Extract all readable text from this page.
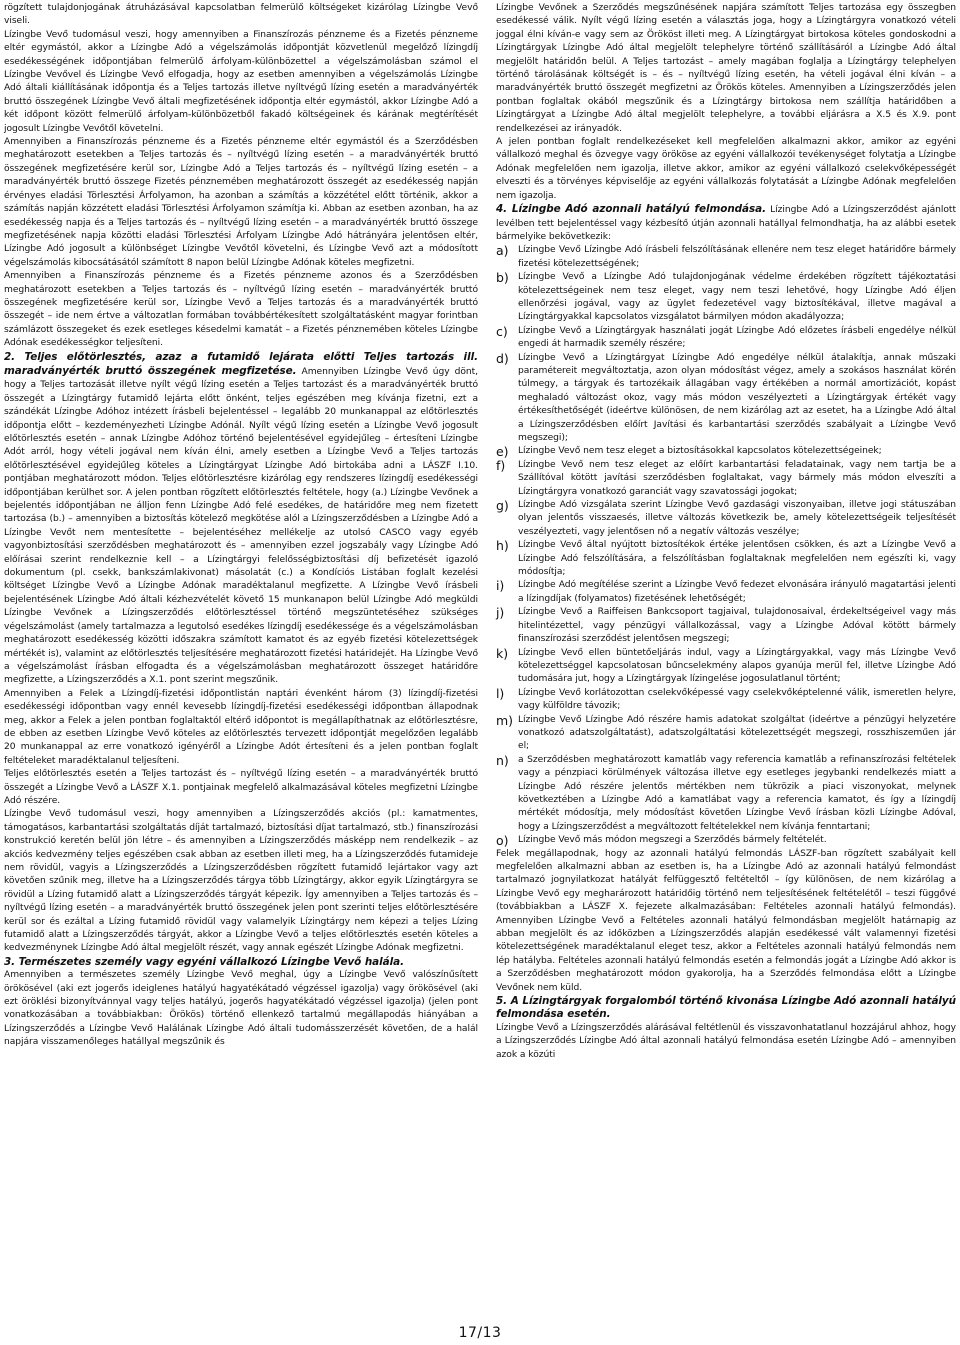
rögzített tulajdonjogának átruházásával kapcsolatban felmerülő költségeket kizárólag Lízingbe Vevő viseli.

Lízingbe Vevő tudomásul veszi, hogy amennyiben a Finanszírozás pénzneme és a Fizetés pénzneme eltér egymástól, akkor a Lízingbe Adó a végelszámolás időpontját közvetlenül megelőző lízingdíj esedékességének időpontjában felmerülő árfolyam-különbözettel a végelszámolásban számol el Lízingbe Vevővel és Lízingbe Vevő elfogadja, hogy az esetben amennyiben a végelszámolás Lízingbe Adó általi kiállításának időpontja és a Teljes tartozás illetve nyíltvégű lízing esetén a maradványérték bruttó összegének Lízingbe Vevő általi megfizetésének időpontja eltér egymástól, akkor Lízingbe Adó a két időpont között felmerülő árfolyam-különbözetből fakadó költségeinek és kárának megtérítését jogosult Lízingbe Vevőtől követelni.

Amennyiben a Finanszírozás pénzneme és a Fizetés pénzneme eltér egymástól és a Szerződésben meghatározott esetekben a Teljes tartozás és – nyíltvégű lízing esetén – a maradványérték bruttó összegének megfizetésére kerül sor, Lízingbe Adó a Teljes tartozás és – nyíltvégű lízing esetén – a maradványérték bruttó összege Fizetés pénznemében meghatározott összegét az esedékesség napján érvényes eladási Törlesztési Árfolyamon, ha azonban a számítás a közzététel előtt történik, akkor a számítás napján közzétett eladási Törlesztési Árfolyamon számítja ki. Abban az esetben azonban, ha az esedékesség napja és a Teljes tartozás és – nyíltvégű lízing esetén – a maradványérték bruttó összege megfizetésének napja közötti eladási Törlesztési Árfolyam Lízingbe Adó hátrányára jelentősen eltér, Lízingbe Adó jogosult a különbséget Lízingbe Vevőtől követelni, és Lízingbe Vevő azt a módosított végelszámolás kibocsátásától számított 8 napon belül Lízingbe Adónak köteles megfizetni.

Amennyiben a Finanszírozás pénzneme és a Fizetés pénzneme azonos és a Szerződésben meghatározott esetekben a Teljes tartozás és – nyíltvégű lízing esetén – maradványérték bruttó összegének megfizetésére kerül sor, Lízingbe Vevő a Teljes tartozás és a maradványérték bruttó összegét – ide nem értve a változatlan formában továbbértékesített szolgáltatásként magyar forintban számlázott összegeket és ezek esetleges késedelmi kamatát – a Fizetés pénznemében köteles Lízingbe Adónak esedékességkor teljesíteni.

2. Teljes előtörlesztés, azaz a futamidő lejárata előtti Teljes tartozás ill. maradványérték bruttó összegének megfizetése. Amennyiben Lízingbe Vevő úgy dönt, hogy a Teljes tartozását illetve nyílt végű lízing esetén a Teljes tartozást és a maradványérték bruttó összegét a Lízingtárgy futamidő lejárta előtt önként, teljes egészében meg kívánja fizetni, ezt a szándékát Lízingbe Adóhoz intézett írásbeli bejelentéssel – legalább 20 munkanappal az előtörlesztés időpontja előtt – kezdeményezheti Lízingbe Adónál. Nyílt végű lízing esetén a Lízingbe Vevő jogosult előtörlesztés esetén – annak Lízingbe Adóhoz történő bejelentésével egyidejűleg – értesíteni Lízingbe Adót arról, hogy vételi jogával nem kíván élni, amely esetben a Lízingbe Vevő a Teljes tartozás előtörlesztésével egyidejűleg köteles a Lízingtárgyat Lízingbe Adó birtokába adni a LÁSZF I.10. pontjában meghatározott módon. Teljes előtörlesztésre kizárólag egy rendszeres lízingdíj esedékességi időpontjában kerülhet sor. A jelen pontban rögzített előtörlesztés feltétele, hogy (a.) Lízingbe Vevőnek a bejelentés időpontjában ne álljon fenn Lízingbe Adó felé esedékes, de határidőre meg nem fizetett tartozása (b.) – amennyiben a biztosítás kötelező megkötése alól a Lízingszerződésben a Lízingbe Adó a Lízingbe Vevőt nem mentesítette – bejelentéséhez mellékelje az utolsó CASCO vagy egyéb vagyonbiztosítási szerződésben meghatározott és – amennyiben ezzel jogszabály vagy Lízingbe Adó előírásai szerint rendelkeznie kell – a Lízingtárgyi felelősségbiztosítási díj befizetését igazoló dokumentum (pl. csekk, bankszámlakivonat) másolatát (c.) a Kondíciós Listában foglalt kezelési költséget Lízingbe Vevő a Lízingbe Adónak maradéktalanul megfizette. A Lízingbe Vevő írásbeli bejelentésének Lízingbe Adó általi kézhezvételét követő 15 munkanapon belül Lízingbe Adó megküldi Lízingbe Vevőnek a Lízingszerződés előtörlesztéssel történő megszüntetéséhez szükséges végelszámolást (amely tartalmazza a legutolsó esedékes lízingdíj esedékessége és a végelszámolásban meghatározott esedékesség közötti időszakra számított kamatot és az egyéb fizetési kötelezettségek mértékét is), valamint az előtörlesztés teljesítésére meghatározott fizetési határidejét. Ha Lízingbe Vevő a végelszámolást írásban elfogadta és a végelszámolásban meghatározott összeget határidőre megfizette, a Lízingszerződés a X.1. pont szerint megszűnik.

Amennyiben a Felek a Lízingdíj-fizetési időpontlistán naptári évenként három (3) lízingdíj-fizetési esedékességi időpontban vagy ennél kevesebb lízingdíj-fizetési esedékességi időpontban állapodnak meg, akkor a Felek a jelen pontban foglaltaktól eltérő időpontot is megállapíthatnak az előtörlesztésre, de ebben az esetben Lízingbe Vevő köteles az előtörlesztés tervezett időpontját megelőzően legalább 20 munkanappal az erre vonatkozó igényéről a Lízingbe Adót értesíteni és a jelen pontban foglalt feltételeket maradéktalanul teljesíteni.

Teljes előtörlesztés esetén a Teljes tartozást és – nyíltvégű lízing esetén – a maradványérték bruttó összegét a Lízingbe Vevő a LÁSZF X.1. pontjainak megfelelő alkalmazásával köteles megfizetni Lízingbe Adó részére.

Lízingbe Vevő tudomásul veszi, hogy amennyiben a Lízingszerződés akciós (pl.: kamatmentes, támogatásos, karbantartási szolgáltatás díját tartalmazó, biztosítási díjat tartalmazó, stb.) finanszírozási konstrukció keretén belül jön létre – és amennyiben a Lízingszerződés másképp nem rendelkezik – az akciós kedvezmény teljes egészében csak abban az esetben illeti meg, ha a Lízingszerződés futamideje nem rövidül, vagyis a Lízingszerződés a Lízingszerződésben rögzített futamidő lejártakor vagy azt követően szűnik meg, illetve ha a Lízingszerződés tárgya több Lízingtárgy, akkor egyik Lízingtárgyra se rövidül a Lízing futamidő alatt a Lízingszerződés tárgyát képezik. Így amennyiben a Teljes tartozás és – nyíltvégű lízing esetén – a maradványérték bruttó összegének jelen pont szerinti teljes előtörlesztésére kerül sor és ezáltal a Lízing futamidő rövidül vagy valamelyik Lízingtárgy nem képezi a teljes Lízing futamidő alatt a Lízingszerződés tárgyát, akkor a Lízingbe Vevő a teljes előtörlesztés esetén köteles a kedvezménynek Lízingbe Adó által megjelölt részét, vagy annak egészét Lízingbe Adónak megfizetni.

3. Természetes személy vagy egyéni vállalkozó Lízingbe Vevő halála.

Amennyiben a természetes személy Lízingbe Vevő meghal, úgy a Lízingbe Vevő valószínűsített örökösével (aki ezt jogerős ideiglenes hatályú hagyatékátadó végzéssel igazolja) vagy örökösével (aki ezt öröklési bizonyítvánnyal vagy teljes hatályú, jogerős hagyatékátadó végzéssel igazolja) (jelen pont vonatkozásában a továbbiakban: Örökös) történő ellenkező tartalmú megállapodás hiányában a Lízingszerződés a Lízingbe Vevő Halálának Lízingbe Adó általi tudomásszerzését követően, de a halál napjára visszamenőleges hatállyal megszűnik és

Lízingbe Vevőnek a Szerződés megszűnésének napjára számított Teljes tartozása egy összegben esedékessé válik. Nyílt végű lízing esetén a választás joga, hogy a Lízingtárgyra vonatkozó vételi joggal élni kíván-e vagy sem az Örököst illeti meg. A Lízingtárgyat birtokosa köteles gondoskodni a Lízingtárgyak Lízingbe Adó által megjelölt telephelyre történő szállításáról a Lízingbe Adó által megjelölt határidőn belül. A Teljes tartozást – amely magában foglalja a Lízingtárgy telephelyen történő tárolásának költségét is – és – nyíltvégű lízing esetén, ha vételi jogával élni kíván – a maradványérték bruttó összegét megfizetni az Örökös köteles. Amennyiben a Lízingszerződés jelen pontban foglaltak okából megszűnik és a Lízingtárgy birtokosa nem szállítja határidőben a Lízingtárgyat a Lízingbe Adó által megjelölt telephelyre, a további eljárásra a X.5 és X.9. pont rendelkezései az irányadók.

A jelen pontban foglalt rendelkezéseket kell megfelelően alkalmazni akkor, amikor az egyéni vállalkozó meghal és özvegye vagy örököse az egyéni vállalkozói tevékenységet folytatja a Lízingbe Adónak megfelelően nem igazolja, illetve akkor, amikor az egyéni vállalkozó cselekvőképességét elveszti és a törvényes képviselője az egyéni vállalkozás folytatását a Lízingbe Adónak megfelelően nem igazolja.

4. Lízingbe Adó azonnali hatályú felmondása. Lízingbe Adó a Lízingszerződést ajánlott levélben tett bejelentéssel vagy kézbesítő útján azonnali hatállyal felmondhatja, ha az alábbi esetek bármelyike bekövetkezik:

a)	Lízingbe Vevő Lízingbe Adó írásbeli felszólításának ellenére nem tesz eleget határidőre bármely fizetési kötelezettségének;
b)	Lízingbe Vevő a Lízingbe Adó tulajdonjogának védelme érdekében rögzített tájékoztatási kötelezettségeinek nem tesz eleget, vagy nem teszi lehetővé, hogy Lízingbe Adó éljen ellenőrzési jogával, vagy az ügylet fedezetével vagy biztosítékával, illetve magával a Lízingtárgyakkal kapcsolatos vizsgálatot bármilyen módon akadályozza;
c)	Lízingbe Vevő a Lízingtárgyak használati jogát Lízingbe Adó előzetes írásbeli engedélye nélkül engedi át harmadik személy részére;
d)	Lízingbe Vevő a Lízingtárgyat Lízingbe Adó engedélye nélkül átalakítja, annak műszaki paramétereit megváltoztatja, azon olyan módosítást végez, amely a szokásos használat körén túlmegy, a tárgyak és tartozékaik állagában vagy értékében a normál amortizációt, kopást meghaladó változást okoz, vagy más módon veszélyezteti a Lízingtárgyak értékét vagy értékesíthetőségét (ideértve különösen, de nem kizárólag azt az esetet, ha a Lízingbe Adó által a Lízingszerződésben előírt Javítási és karbantartási szerződés szabályait a Lízingbe Vevő megszegi);
e)	Lízingbe Vevő nem tesz eleget a biztosításokkal kapcsolatos kötelezettségeinek;
f)	Lízingbe Vevő nem tesz eleget az előírt karbantartási feladatainak, vagy nem tartja be a Szállítóval kötött javítási szerződésben foglaltakat, vagy bármely más módon elveszíti a Lízingtárgyra vonatkozó garanciát vagy szavatossági jogokat;
g)	Lízingbe Adó vizsgálata szerint Lízingbe Vevő gazdasági viszonyaiban, illetve jogi státuszában olyan jelentős visszaesés, illetve változás következik be, amely kötelezettségeik teljesítését veszélyezteti, vagy jelentősen nő a negatív változás veszélye;
h)	Lízingbe Vevő által nyújtott biztosítékok értéke jelentősen csökken, és azt a Lízingbe Vevő a Lízingbe Adó felszólítására, a felszólításban foglaltaknak megfelelően nem egészíti ki, vagy módosítja;
i)	Lízingbe Adó megítélése szerint a Lízingbe Vevő fedezet elvonására irányuló magatartási jelenti a lízingdíjak (folyamatos) fizetésének lehetőségét;
j)	Lízingbe Vevő a Raiffeisen Bankcsoport tagjaival, tulajdonosaival, érdekeltségeivel vagy más hitelintézettel, vagy pénzügyi vállalkozással, vagy a Lízingbe Adóval kötött bármely finanszírozási szerződést jelentősen megszegi;
k)	Lízingbe Vevő ellen büntetőeljárás indul, vagy a Lízingtárgyakkal, vagy más Lízingbe Vevő kötelezettséggel kapcsolatosan bűncselekmény alapos gyanúja merül fel, illetve Lízingbe Adó tudomására jut, hogy a Lízingtárgyak lízingelése jogosulatlanul történt;
l)	Lízingbe Vevő korlátozottan cselekvőképessé vagy cselekvőképtelenné válik, ismeretlen helyre, vagy külföldre távozik;
m) Lízingbe Vevő Lízingbe Adó részére hamis adatokat szolgáltat (ideértve a pénzügyi helyzetére vonatkozó adatszolgáltatást), adatszolgáltatási kötelezettségét megszegi, rosszhiszeműen jár el;
n)	a Szerződésben meghatározott kamatláb vagy referencia kamatláb a refinanszírozási feltételek vagy a pénzpiaci körülmények változása illetve egy esetleges jegybanki rendelkezés miatt a Lízingbe Adó részére jelentős mértékben nem tükrözik a piaci viszonyokat, melynek következtében a Lízingbe Adó a kamatlábat vagy a referencia kamatot, és így a lízingdíj mértékét módosítja, mely módosítást követően Lízingbe Vevő írásban közli Lízingbe Adóval, hogy a Lízingszerződést a megváltozott feltételekkel nem kívánja fenntartani;
o)	Lízingbe Vevő más módon megszegi a Szerződés bármely feltételét.

Felek megállapodnak, hogy az azonnali hatályú felmondás LÁSZF-ban rögzített szabályait kell megfelelően alkalmazni abban az esetben is, ha a Lízingbe Adó az azonnali hatályú felmondást tartalmazó jognyilatkozat hatályát felfüggesztő feltételtől – így különösen, de nem kizárólag a Lízingbe Vevő egy megharározott határidőig történő nem teljesítésének feltételétől – teszi függővé (továbbiakban a LÁSZF X. fejezete alkalmazásában: Feltételes azonnali hatályú felmondás). Amennyiben Lízingbe Vevő a Feltételes azonnali hatályú felmondásban megjelölt határnapig az abban megjelölt és az időközben a Lízingszerződés alapján esedékessé vált valamennyi fizetési kötelezettségének maradéktalanul eleget tesz, akkor a Feltételes azonnali hatályú felmondás nem lép hatályba. Feltételes azonnali hatályú felmondás esetén a felmondás jogát a Lízingbe Adó akkor is a Szerződésben meghatározott módon gyakorolja, ha a Szerződés felmondása előtt a Lízingbe Vevőnek nem küld.

5. A Lízingtárgyak forgalomból történő kivonása Lízingbe Adó azonnali hatályú felmondása esetén.

Lízingbe Vevő a Lízingszerződés alárásával feltétlenül és visszavonhatatlanul hozzájárul ahhoz, hogy a Lízingszerződés Lízingbe Adó által azonnali hatályú felmondása esetén Lízingbe Adó – amennyiben azok a közúti

17/13
